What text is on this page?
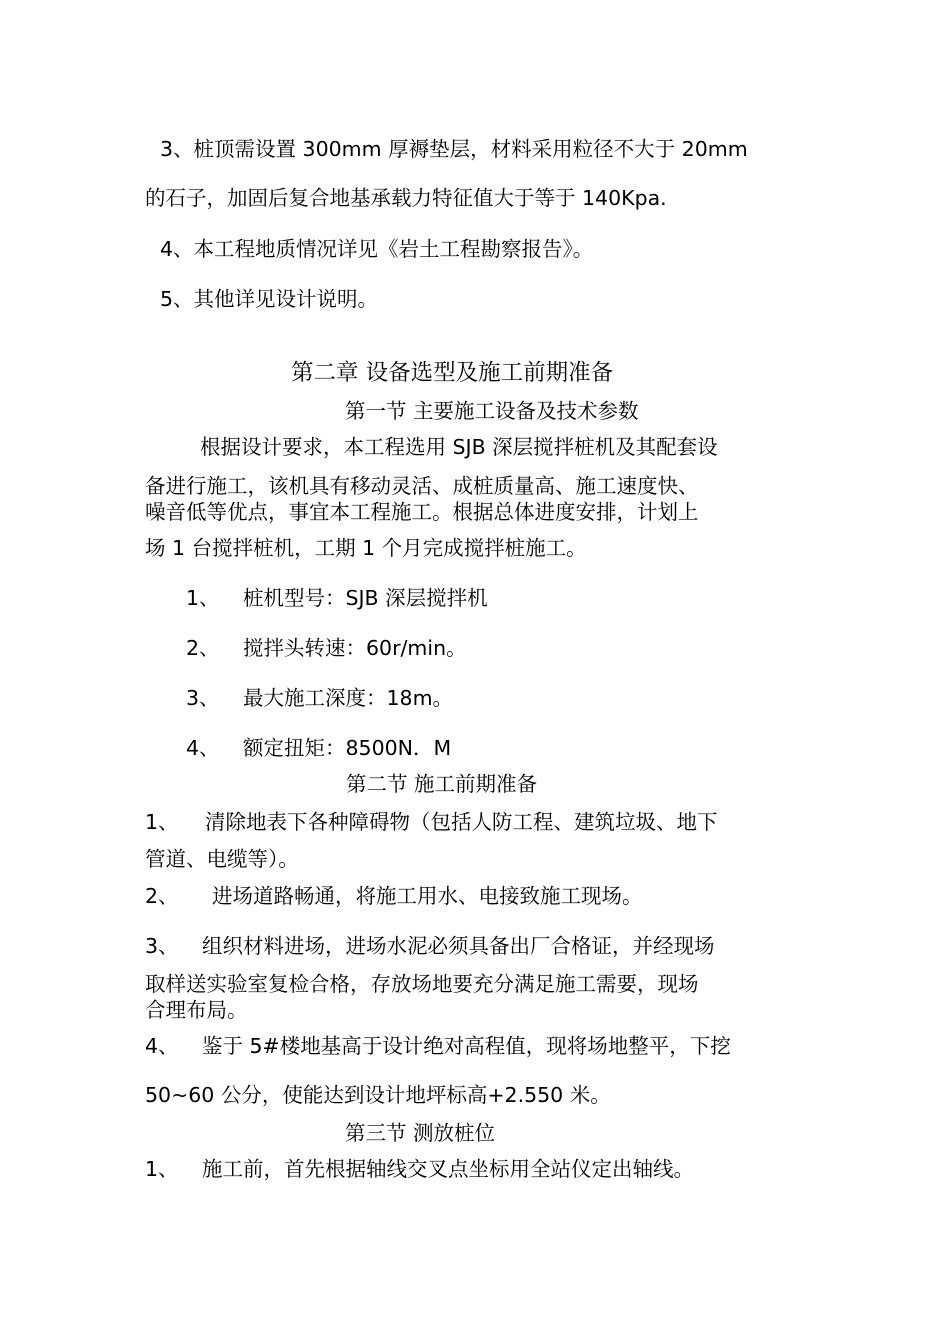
3、桩顶需设置 300mm 厚褥垫层，材料采用粒径不大于 20mm
的石子，加固后复合地基承载力特征值大于等于 140Kpa.
4、本工程地质情况详见《岩土工程勘察报告》。
5、其他详见设计说明。
第二章 设备选型及施工前期准备
第一节 主要施工设备及技术参数
根据设计要求，本工程选用 SJB 深层搅拌桩机及其配套设
备进行施工，该机具有移动灵活、成桩质量高、施工速度快、
噪音低等优点，事宜本工程施工。根据总体进度安排，计划上
场 1 台搅拌桩机，工期 1 个月完成搅拌桩施工。
1、 桩机型号：SJB 深层搅拌机
2、 搅拌头转速：60r/min。
3、 最大施工深度：18m。
4、 额定扭矩：8500N．M
第二节 施工前期准备
1、 清除地表下各种障碍物（包括人防工程、建筑垃圾、地下
管道、电缆等）。
2、 进场道路畅通，将施工用水、电接致施工现场。
3、 组织材料进场，进场水泥必须具备出厂合格证，并经现场
取样送实验室复检合格，存放场地要充分满足施工需要，现场
合理布局。
4、 鉴于 5#楼地基高于设计绝对高程值，现将场地整平，下挖
50~60 公分，使能达到设计地坪标高+2.550 米。
第三节 测放桩位
1、 施工前，首先根据轴线交叉点坐标用全站仪定出轴线。
